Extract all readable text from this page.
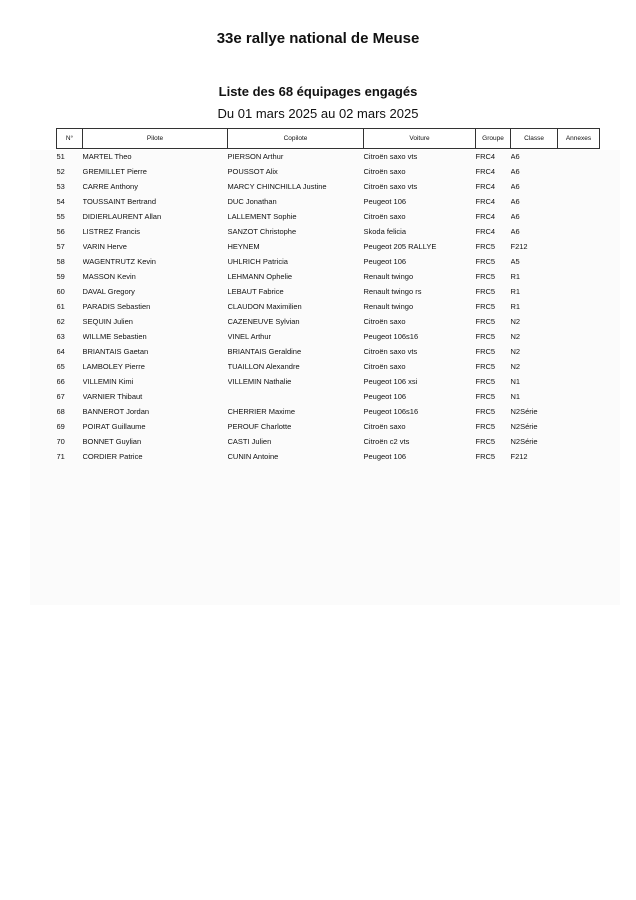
33e rallye national de Meuse
Liste des 68 équipages engagés
Du 01 mars 2025 au 02 mars 2025
N°	Pilote	Copilote	Voiture	Groupe	Classe	Annexes
51	MARTEL Theo	PIERSON Arthur	Citroën saxo vts	FRC4	A6	
52	GREMILLET Pierre	POUSSOT Alix	Citroën saxo	FRC4	A6	
53	CARRE Anthony	MARCY CHINCHILLA Justine	Citroën saxo vts	FRC4	A6	
54	TOUSSAINT Bertrand	DUC Jonathan	Peugeot 106	FRC4	A6	
55	DIDIERLAURENT Allan	LALLEMENT Sophie	Citroën saxo	FRC4	A6	
56	LISTREZ Francis	SANZOT Christophe	Skoda felicia	FRC4	A6	
57	VARIN Herve	HEYNEM	Peugeot 205 RALLYE	FRC5	F212	
58	WAGENTRUTZ Kevin	UHLRICH Patricia	Peugeot 106	FRC5	A5	
59	MASSON Kevin	LEHMANN Ophelie	Renault twingo	FRC5	R1	
60	DAVAL Gregory	LEBAUT Fabrice	Renault twingo rs	FRC5	R1	
61	PARADIS Sebastien	CLAUDON Maximilien	Renault twingo	FRC5	R1	
62	SEQUIN Julien	CAZENEUVE Sylvian	Citroën saxo	FRC5	N2	
63	WILLME Sebastien	VINEL Arthur	Peugeot 106s16	FRC5	N2	
64	BRIANTAIS Gaetan	BRIANTAIS Geraldine	Citroën saxo vts	FRC5	N2	
65	LAMBOLEY Pierre	TUAILLON Alexandre	Citroën saxo	FRC5	N2	
66	VILLEMIN Kimi	VILLEMIN Nathalie	Peugeot 106 xsi	FRC5	N1	
67	VARNIER Thibaut		Peugeot 106	FRC5	N1	
68	BANNEROT Jordan	CHERRIER Maxime	Peugeot 106s16	FRC5	N2Série	
69	POIRAT Guillaume	PEROUF Charlotte	Citroën saxo	FRC5	N2Série	
70	BONNET Guylian	CASTI Julien	Citroën c2 vts	FRC5	N2Série	
71	CORDIER Patrice	CUNIN Antoine	Peugeot 106	FRC5	F212	
